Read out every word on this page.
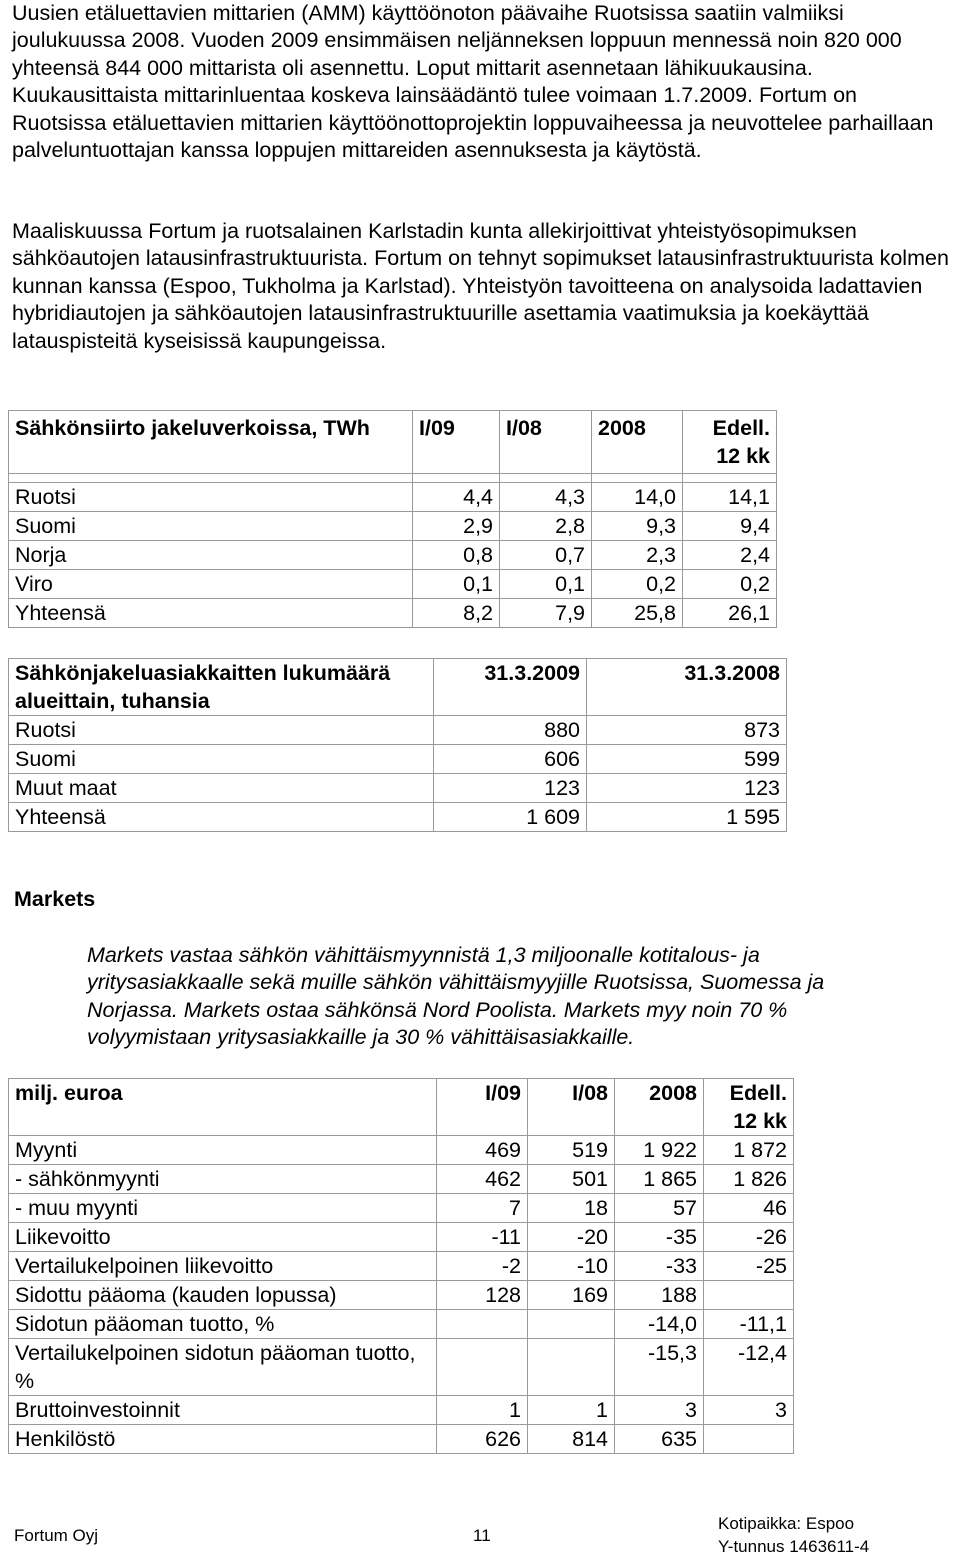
Uusien etäluettavien mittarien (AMM) käyttöönoton päävaihe Ruotsissa saatiin valmiiksi joulukuussa 2008. Vuoden 2009 ensimmäisen neljänneksen loppuun mennessä noin 820 000 yhteensä 844 000 mittarista oli asennettu. Loput mittarit asennetaan lähikuukausina. Kuukausittaista mittarinluentaa koskeva lainsäädäntö tulee voimaan 1.7.2009. Fortum on Ruotsissa etäluettavien mittarien käyttöönottoprojektin loppuvaiheessa ja neuvottelee parhaillaan palveluntuottajan kanssa loppujen mittareiden asennuksesta ja käytöstä.

Maaliskuussa Fortum ja ruotsalainen Karlstadin kunta allekirjoittivat yhteistyösopimuksen sähköautojen latausinfrastruktuurista. Fortum on tehnyt sopimukset latausinfrastruktuurista kolmen kunnan kanssa (Espoo, Tukholma ja Karlstad). Yhteistyön tavoitteena on analysoida ladattavien hybridiautojen ja sähköautojen latausinfrastruktuurille asettamia vaatimuksia ja koekäyttää latauspisteitä kyseisissä kaupungeissa.

Sähkönsiirto jakeluverkoissa, TWh	I/09	I/08	2008	Edell. 12 kk

Ruotsi	4,4	4,3	14,0	14,1
Suomi	2,9	2,8	9,3	9,4
Norja	0,8	0,7	2,3	2,4
Viro	0,1	0,1	0,2	0,2
Yhteensä	8,2	7,9	25,8	26,1
Sähkönjakeluasiakkaitten lukumäärä alueittain, tuhansia	31.3.2009	31.3.2008
Ruotsi	880	873
Suomi	606	599
Muut maat	123	123
Yhteensä	1 609	1 595

Markets

Markets vastaa sähkön vähittäismyynnistä 1,3 miljoonalle kotitalous- ja yritysasiakkaalle sekä muille sähkön vähittäismyyjille Ruotsissa, Suomessa ja Norjassa. Markets ostaa sähkönsä Nord Poolista. Markets myy noin 70 % volyymistaan yritysasiakkaille ja 30 % vähittäisasiakkaille.

milj. euroa	I/09	I/08	2008	Edell. 12 kk
Myynti	469	519	1 922	1 872
- sähkönmyynti	462	501	1 865	1 826
- muu myynti	7	18	57	46
Liikevoitto	-11	-20	-35	-26
Vertailukelpoinen liikevoitto	-2	-10	-33	-25
Sidottu pääoma (kauden lopussa)	128	169	188	
Sidotun pääoman tuotto, %			-14,0	-11,1
Vertailukelpoinen sidotun pääoman tuotto, %			-15,3	-12,4
Bruttoinvestoinnit	1	1	3	3
Henkilöstö	626	814	635	
Fortum Oyj	11
Kotipaikka: Espoo
Y-tunnus 1463611-4
